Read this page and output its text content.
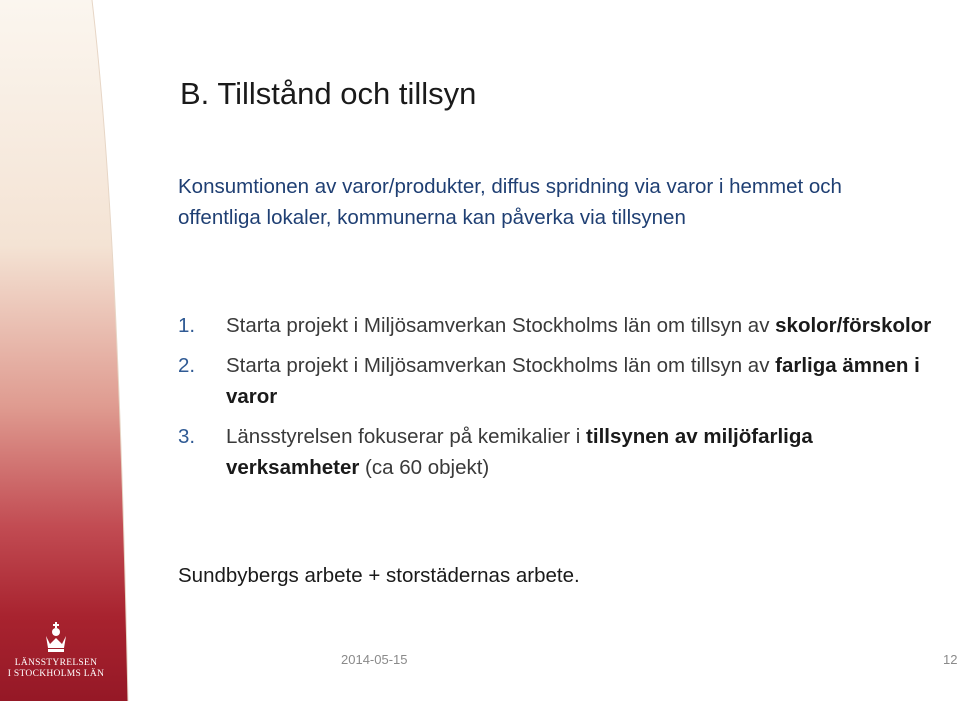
LÄNSSTYRELSEN
I STOCKHOLMS LÄN
B. Tillstånd och tillsyn

Konsumtionen av varor/produkter, diffus spridning via varor i hemmet och offentliga lokaler, kommunerna kan påverka via tillsynen

1. Starta projekt i Miljösamverkan Stockholms län om tillsyn av skolor/förskolor
2. Starta projekt i Miljösamverkan Stockholms län om tillsyn av farliga ämnen i varor
3. Länsstyrelsen fokuserar på kemikalier i tillsynen av miljöfarliga verksamheter (ca 60 objekt)

Sundbybergs arbete + storstädernas arbete.

2014-05-15	12
